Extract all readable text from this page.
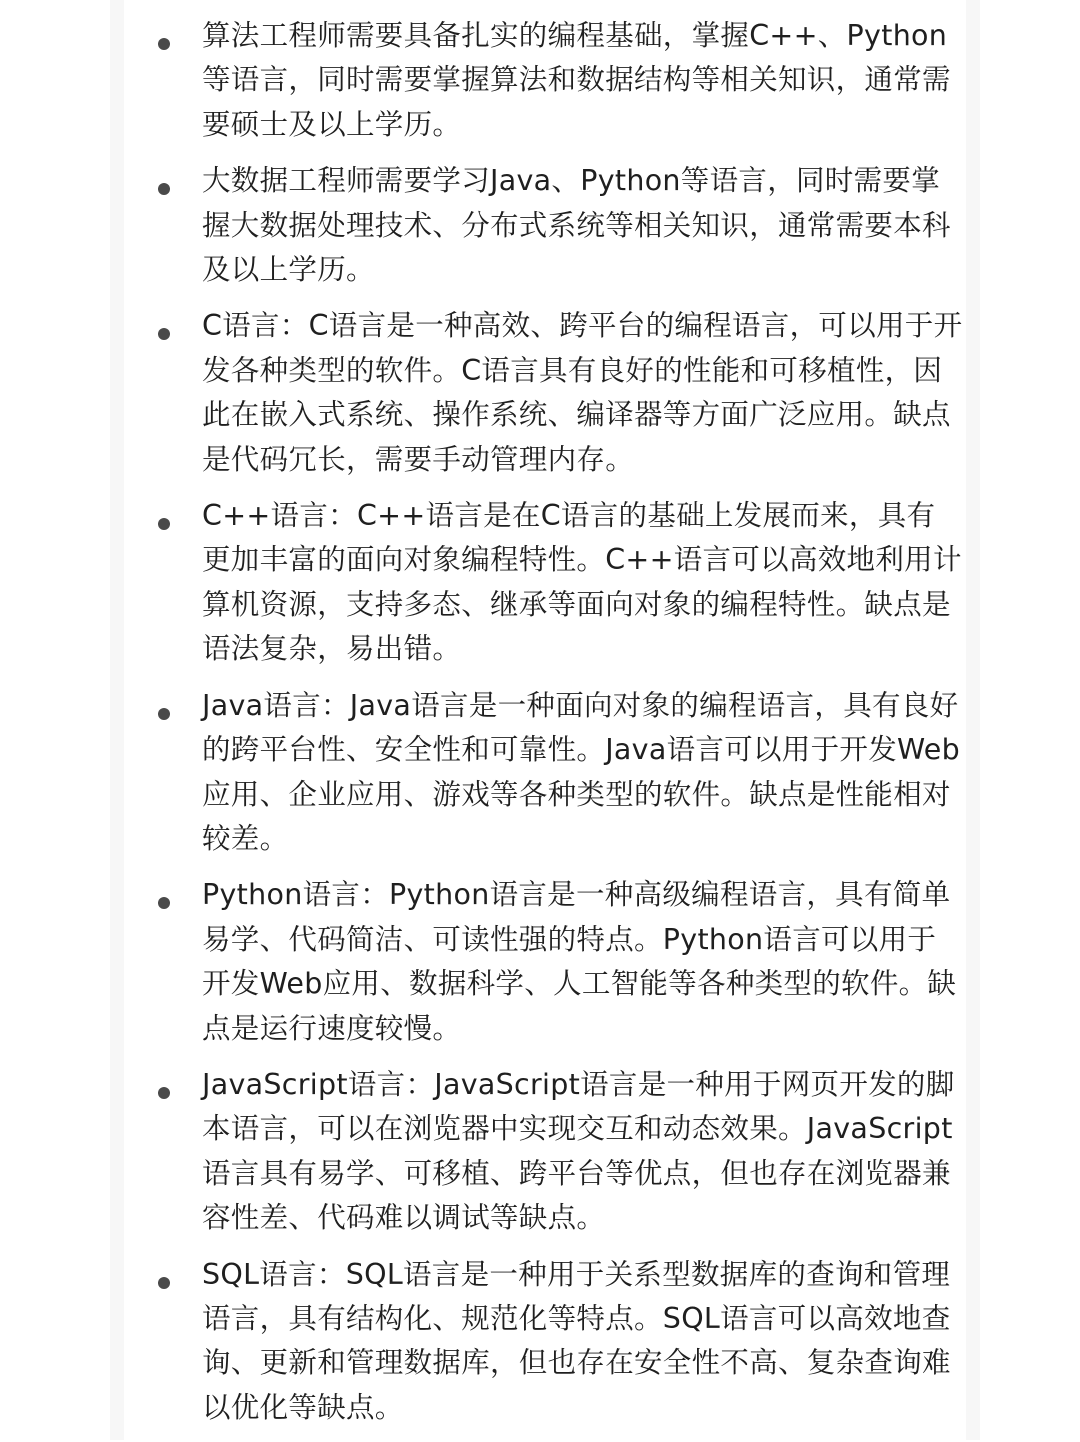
算法工程师需要具备扎实的编程基础，掌握C++、Python等语言，同时需要掌握算法和数据结构等相关知识，通常需要硕士及以上学历。
大数据工程师需要学习Java、Python等语言，同时需要掌握大数据处理技术、分布式系统等相关知识，通常需要本科及以上学历。
C语言：C语言是一种高效、跨平台的编程语言，可以用于开发各种类型的软件。C语言具有良好的性能和可移植性，因此在嵌入式系统、操作系统、编译器等方面广泛应用。缺点是代码冗长，需要手动管理内存。
C++语言：C++语言是在C语言的基础上发展而来，具有更加丰富的面向对象编程特性。C++语言可以高效地利用计算机资源，支持多态、继承等面向对象的编程特性。缺点是语法复杂，易出错。
Java语言：Java语言是一种面向对象的编程语言，具有良好的跨平台性、安全性和可靠性。Java语言可以用于开发Web应用、企业应用、游戏等各种类型的软件。缺点是性能相对较差。
Python语言：Python语言是一种高级编程语言，具有简单易学、代码简洁、可读性强的特点。Python语言可以用于开发Web应用、数据科学、人工智能等各种类型的软件。缺点是运行速度较慢。
JavaScript语言：JavaScript语言是一种用于网页开发的脚本语言，可以在浏览器中实现交互和动态效果。JavaScript语言具有易学、可移植、跨平台等优点，但也存在浏览器兼容性差、代码难以调试等缺点。
SQL语言：SQL语言是一种用于关系型数据库的查询和管理语言，具有结构化、规范化等特点。SQL语言可以高效地查询、更新和管理数据库，但也存在安全性不高、复杂查询难以优化等缺点。
